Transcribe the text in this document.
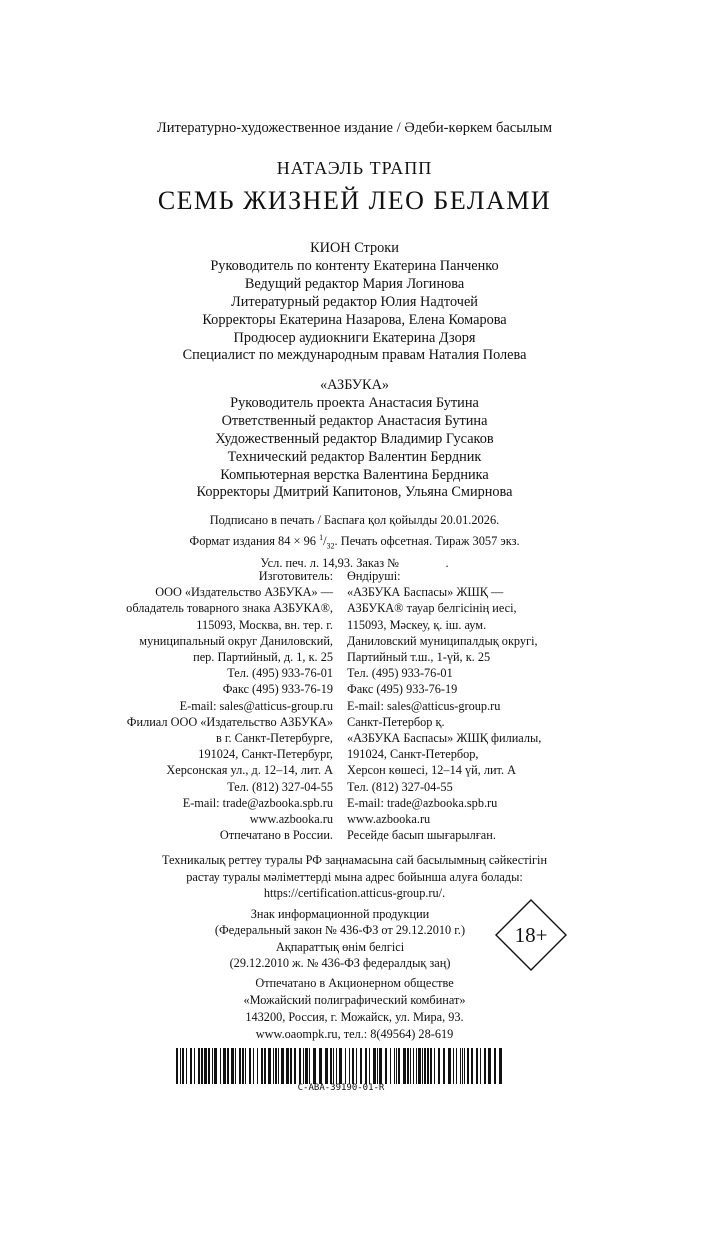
Литературно-художественное издание / Әдеби-көркем басылым
НАТАЭЛЬ ТРАПП
СЕМЬ ЖИЗНЕЙ ЛЕО БЕЛАМИ
КИОН Строки
Руководитель по контенту Екатерина Панченко
Ведущий редактор Мария Логинова
Литературный редактор Юлия Надточей
Корректоры Екатерина Назарова, Елена Комарова
Продюсер аудиокниги Екатерина Дзоря
Специалист по международным правам Наталия Полева
«АЗБУКА»
Руководитель проекта Анастасия Бутина
Ответственный редактор Анастасия Бутина
Художественный редактор Владимир Гусаков
Технический редактор Валентин Бердник
Компьютерная верстка Валентина Бердника
Корректоры Дмитрий Капитонов, Ульяна Смирнова
Подписано в печать / Баспаға қол қойылды 20.01.2026.
Формат издания 84 × 96 $^1/_{32}$. Печать офсетная. Тираж 3057 экз.
Усл. печ. л. 14,93. Заказ №               .
Изготовитель:
ООО «Издательство АЗБУКА» —
обладатель товарного знака АЗБУКА®,
115093, Москва, вн. тер. г.
муниципальный округ Даниловский,
пер. Партийный, д. 1, к. 25
Тел. (495) 933-76-01
Факс (495) 933-76-19
E-mail: sales@atticus-group.ru
Филиал ООО «Издательство АЗБУКА»
в г. Санкт-Петербурге,
191024, Санкт-Петербург,
Херсонская ул., д. 12–14, лит. А
Тел. (812) 327-04-55
E-mail: trade@azbooka.spb.ru
www.azbooka.ru
Отпечатано в России.
Өндіруші:
«АЗБУКА Баспасы» ЖШҚ —
АЗБУКА® тауар белгісінің иесі,
115093, Мәскеу, қ. іш. аум.
Даниловский муниципалдық округі,
Партийный т.ш., 1-үй, к. 25
Тел. (495) 933-76-01
Факс (495) 933-76-19
E-mail: sales@atticus-group.ru
Санкт-Петербор қ.
«АЗБУКА Баспасы» ЖШҚ филиалы,
191024, Санкт-Петербор,
Херсон көшесі, 12–14 үй, лит. А
Тел. (812) 327-04-55
E-mail: trade@azbooka.spb.ru
www.azbooka.ru
Ресейде басып шығарылған.
Техникалық реттеу туралы РФ заңнамасына сай басылымның сәйкестігін
растау туралы мәліметтерді мына адрес бойынша алуға болады:
https://certification.atticus-group.ru/.
Знак информационной продукции
(Федеральный закон № 436-ФЗ от 29.12.2010 г.)
Ақпараттық өнім белгісі
(29.12.2010 ж. № 436-ФЗ федералдық заң)
18+
Отпечатано в Акционерном обществе
«Можайский полиграфический комбинат»
143200, Россия, г. Можайск, ул. Мира, 93.
www.oaompk.ru, тел.: 8(49564) 28-619
C-ABA-39190-01-R
